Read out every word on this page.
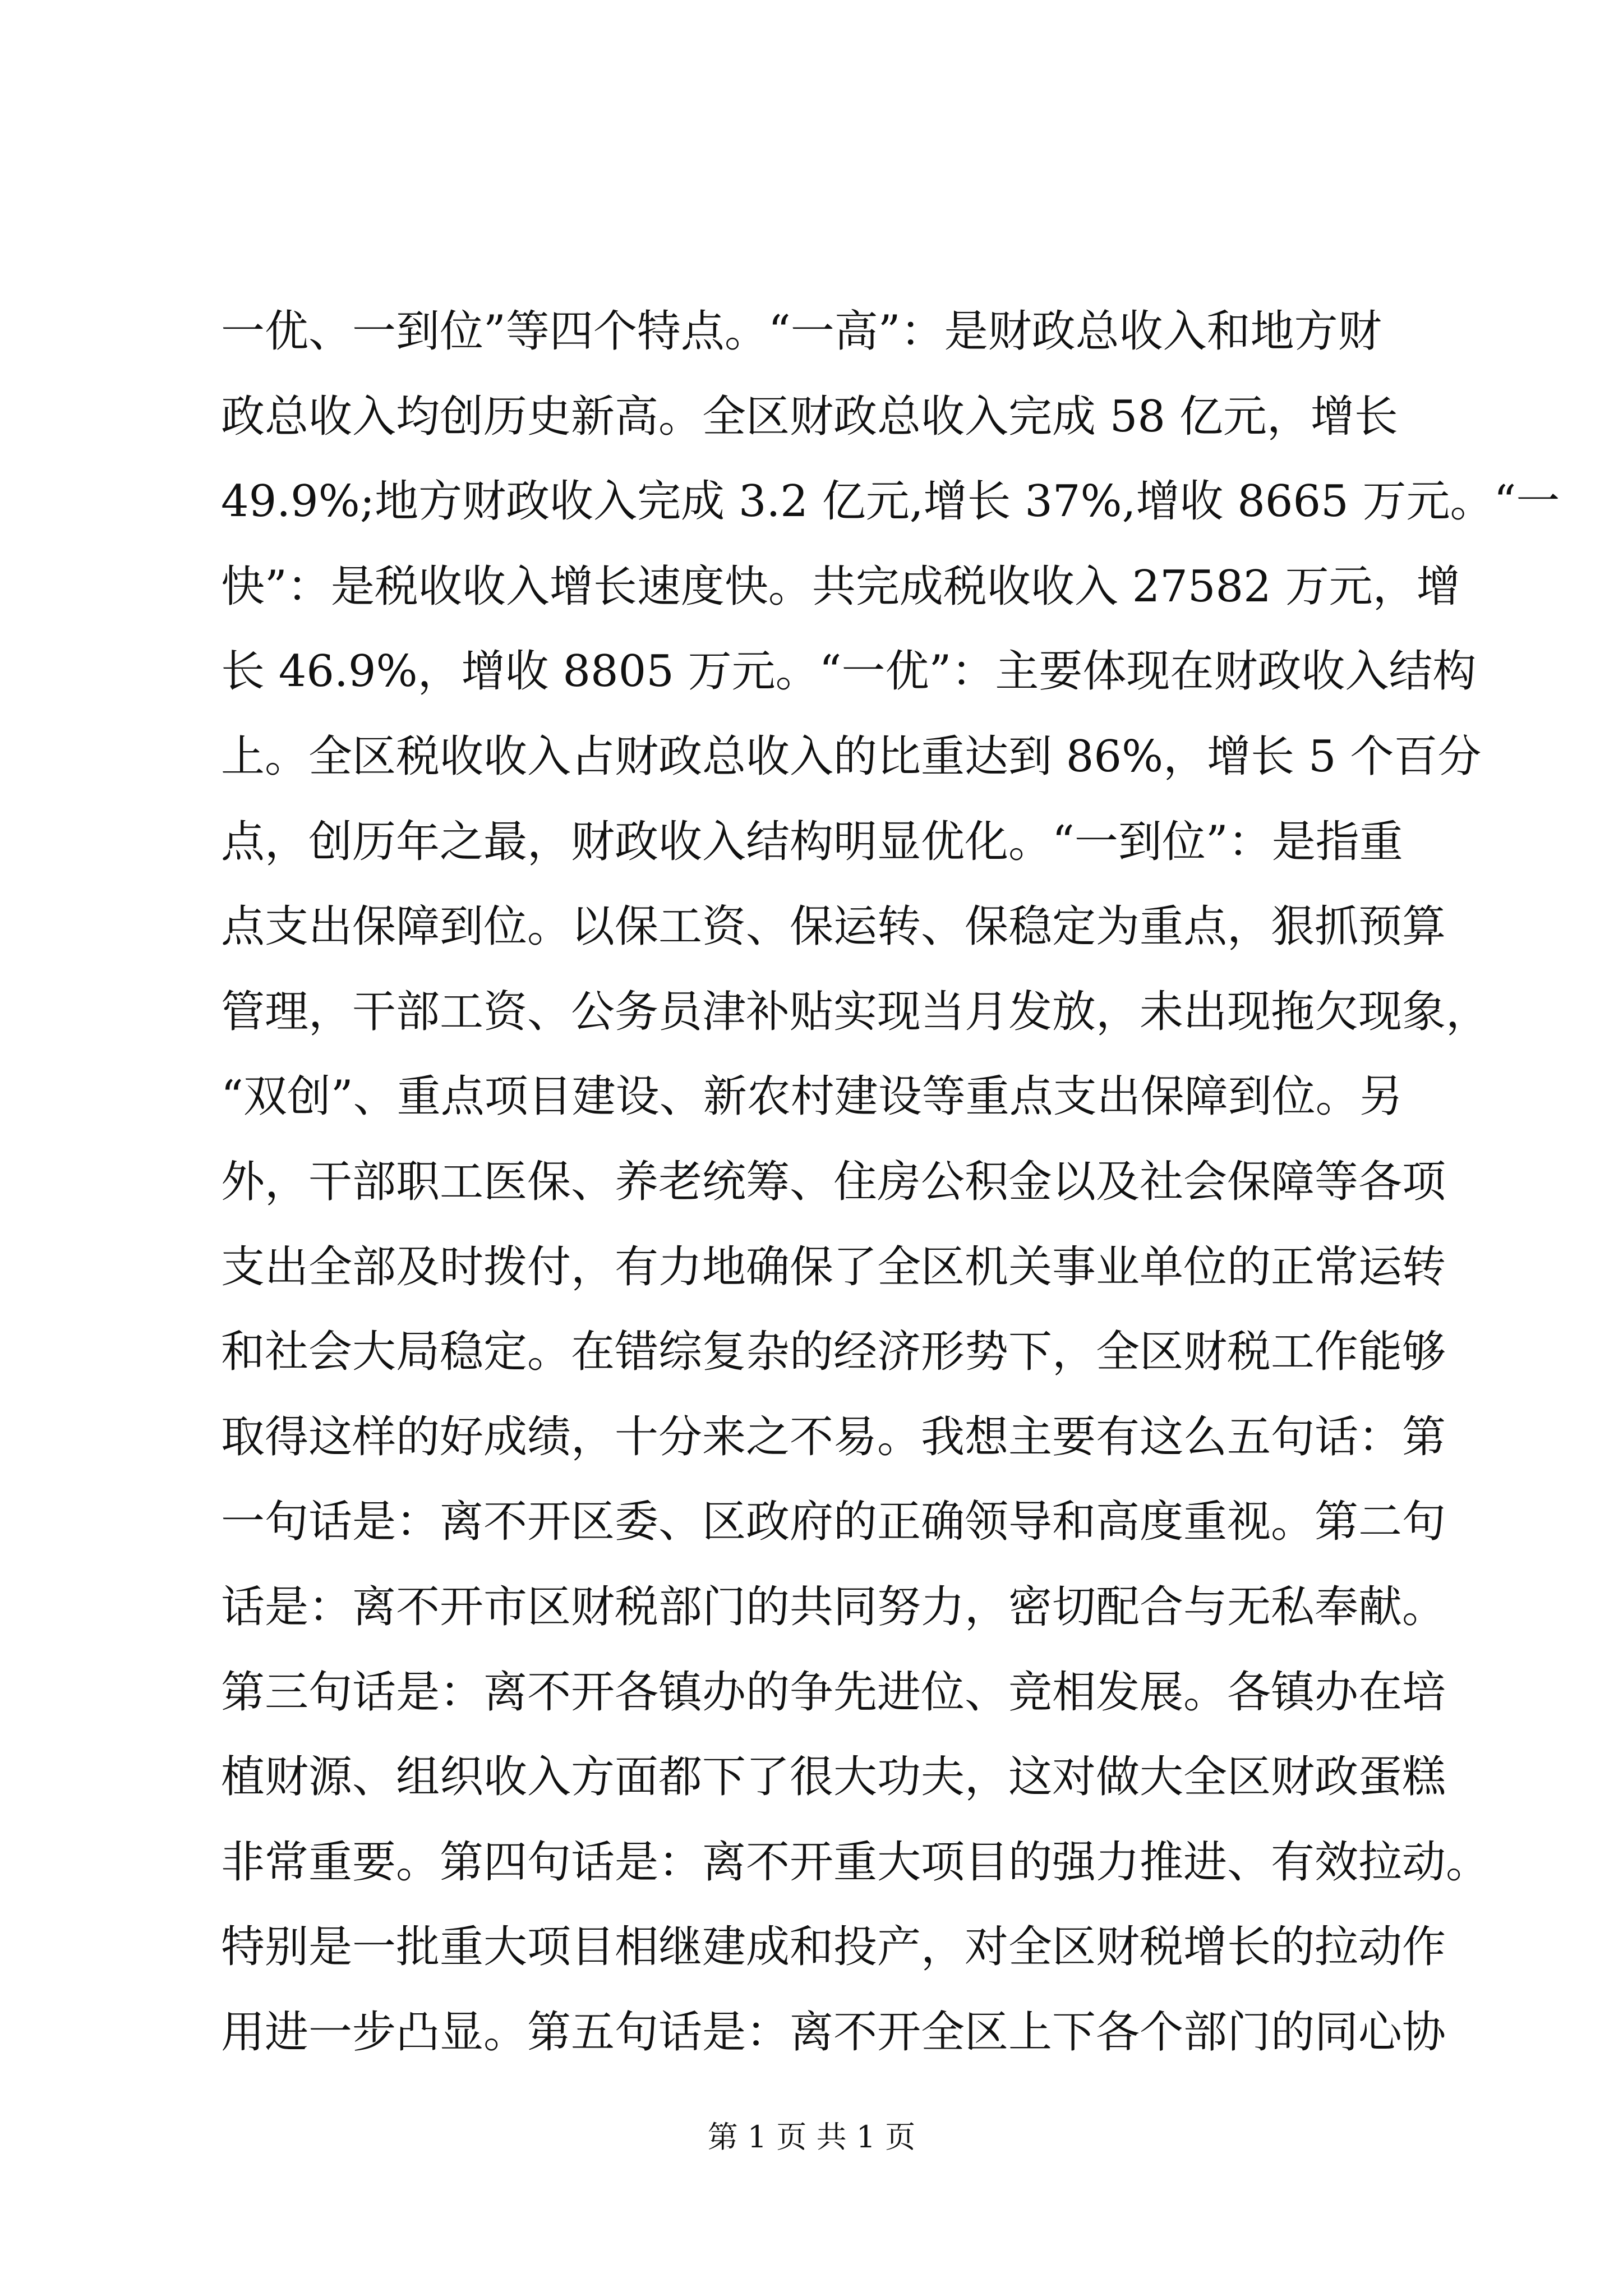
一优、一到位”等四个特点。“一高”：是财政总收入和地方财
政总收入均创历史新高。全区财政总收入完成 58 亿元，增长
49.9%;地方财政收入完成 3.2 亿元,增长 37%,增收 8665 万元。“一
快”：是税收收入增长速度快。共完成税收收入 27582 万元，增
长 46.9%，增收 8805 万元。“一优”：主要体现在财政收入结构
上。全区税收收入占财政总收入的比重达到 86%，增长 5 个百分
点，创历年之最，财政收入结构明显优化。“一到位”：是指重
点支出保障到位。以保工资、保运转、保稳定为重点，狠抓预算
管理，干部工资、公务员津补贴实现当月发放，未出现拖欠现象，
“双创”、重点项目建设、新农村建设等重点支出保障到位。另
外，干部职工医保、养老统筹、住房公积金以及社会保障等各项
支出全部及时拨付，有力地确保了全区机关事业单位的正常运转
和社会大局稳定。在错综复杂的经济形势下，全区财税工作能够
取得这样的好成绩，十分来之不易。我想主要有这么五句话：第
一句话是：离不开区委、区政府的正确领导和高度重视。第二句
话是：离不开市区财税部门的共同努力，密切配合与无私奉献。
第三句话是：离不开各镇办的争先进位、竞相发展。各镇办在培
植财源、组织收入方面都下了很大功夫，这对做大全区财政蛋糕
非常重要。第四句话是：离不开重大项目的强力推进、有效拉动。
特别是一批重大项目相继建成和投产，对全区财税增长的拉动作
用进一步凸显。第五句话是：离不开全区上下各个部门的同心协
第 1 页 共 1 页
